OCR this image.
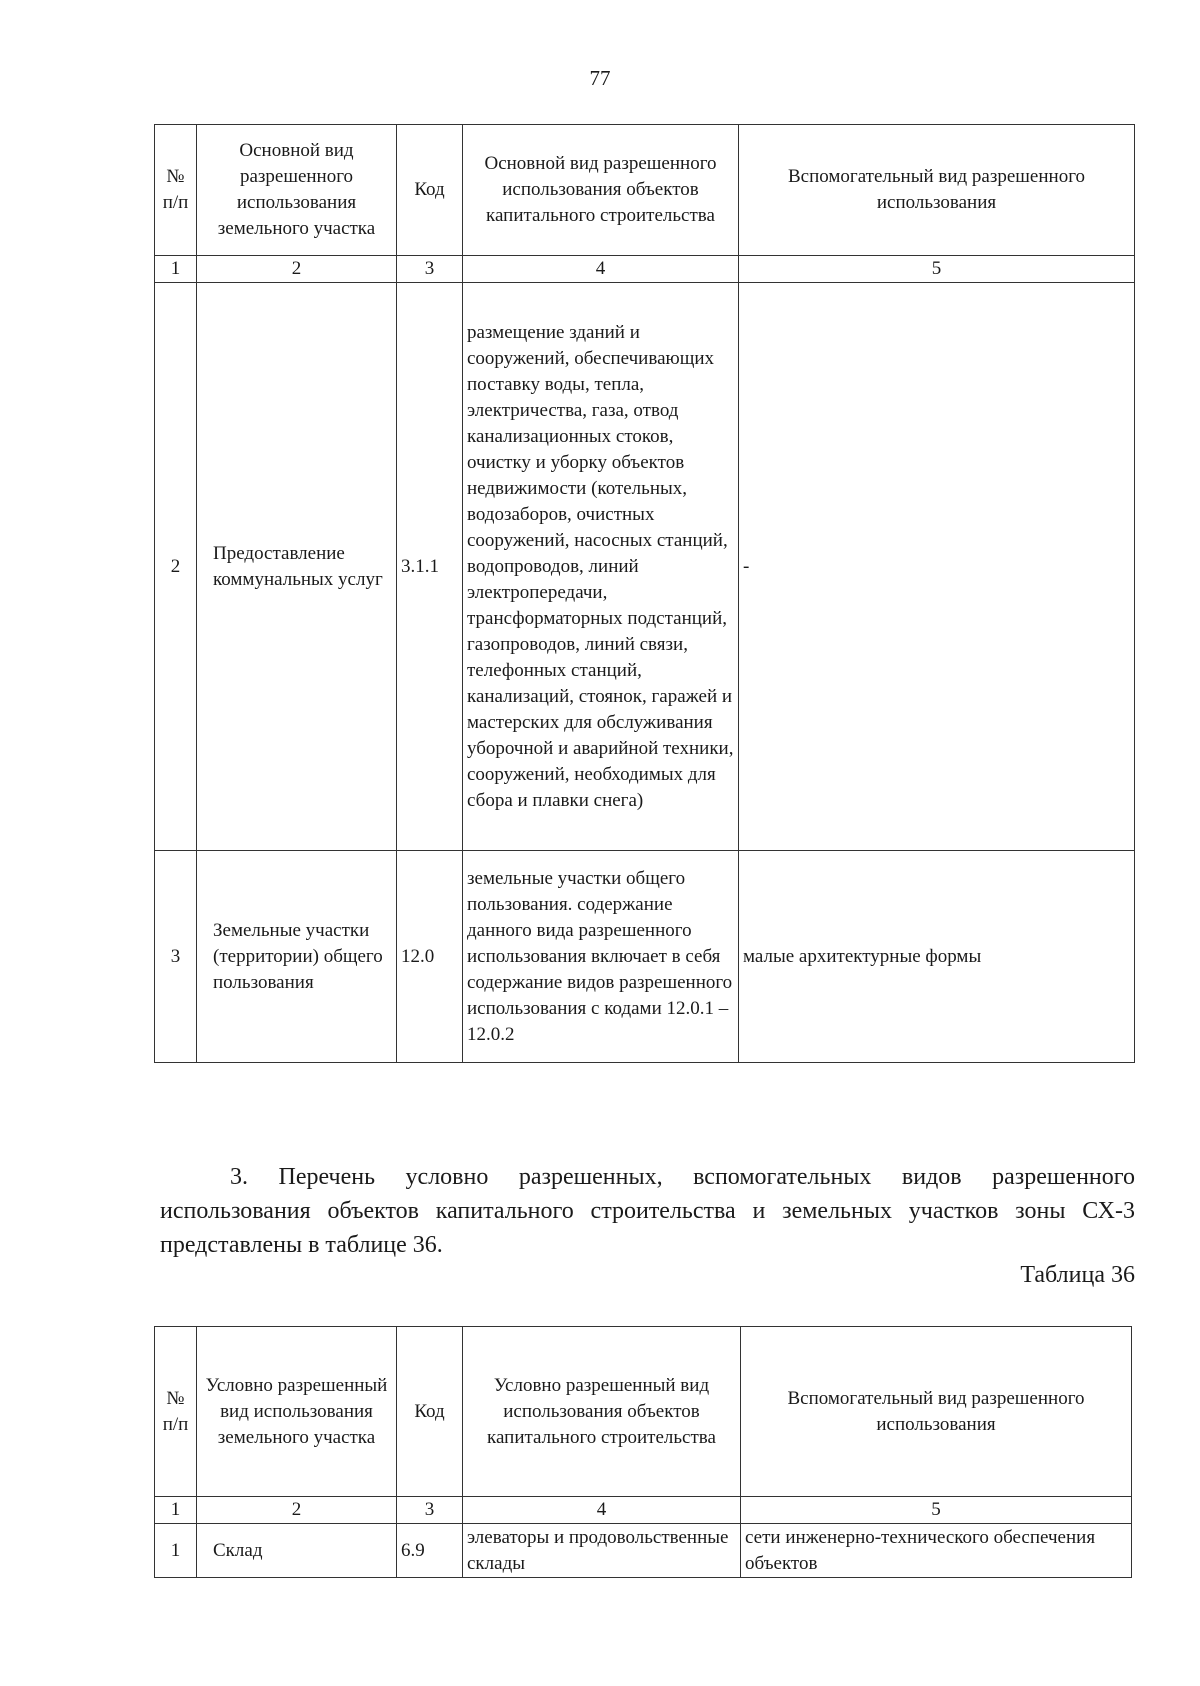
77
№ п/п	Основной вид разрешенного использования земельного участка	Код	Основной вид разрешенного использования объектов капитального строительства	Вспомогательный вид разрешенного использования
1	2	3	4	5
2	Предоставление коммунальных услуг	3.1.1	размещение зданий и сооружений, обеспечивающих поставку воды, тепла, электричества, газа, отвод канализационных стоков, очистку и уборку объектов недвижимости (котельных, водозаборов, очистных сооружений, насосных станций, водопроводов, линий электропередачи, трансформаторных подстанций, газопроводов, линий связи, телефонных станций, канализаций, стоянок, гаражей и мастерских для обслуживания уборочной и аварийной техники, сооружений, необходимых для сбора и плавки снега)	-
3	Земельные участки (территории) общего пользования	12.0	земельные участки общего пользования. содержание данного вида разрешенного использования включает в себя содержание видов разрешенного использования с кодами 12.0.1 – 12.0.2	малые архитектурные формы
3. Перечень условно разрешенных, вспомогательных видов разрешенного использования объектов капитального строительства и земельных участков зоны СХ-3 представлены в таблице 36.
Таблица 36
№ п/п	Условно разрешенный вид использования земельного участка	Код	Условно разрешенный вид использования объектов капитального строительства	Вспомогательный вид разрешенного использования
1	2	3	4	5
1	Склад	6.9	элеваторы и продовольственные склады	сети инженерно-технического обеспечения объектов
